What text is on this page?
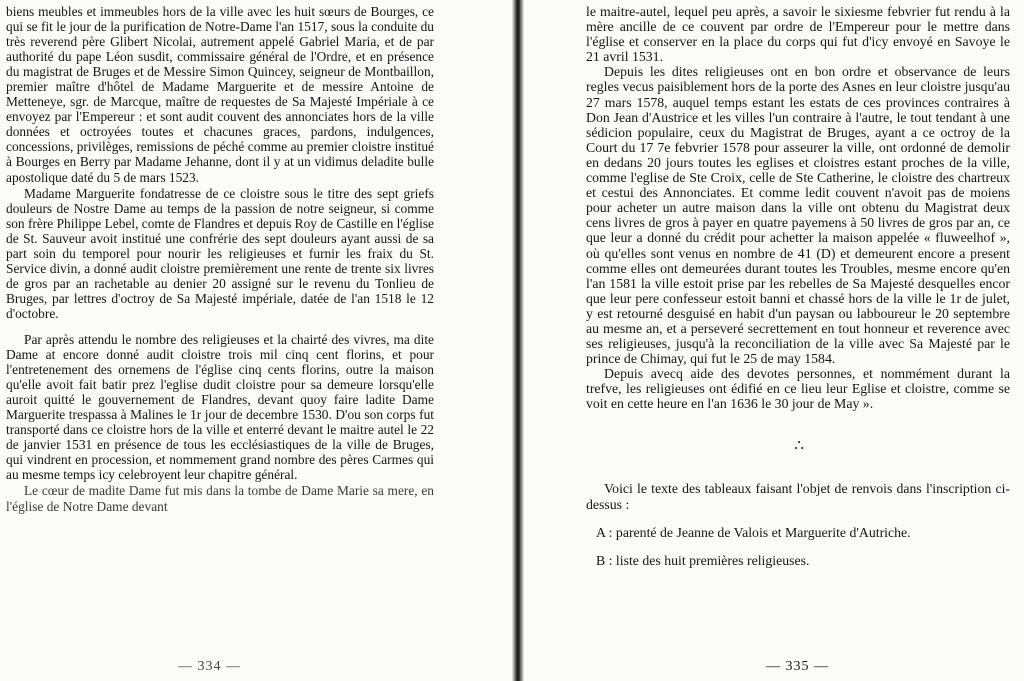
biens meubles et immeubles hors de la ville avec les huit sœurs de Bourges, ce qui se fit le jour de la purification de Notre-Dame l'an 1517, sous la conduite du très reverend père Glibert Nicolai, autrement appelé Gabriel Maria, et de par authorité du pape Léon susdit, commissaire général de l'Ordre, et en présence du magistrat de Bruges et de Messire Simon Quincey, seigneur de Montbaillon, premier maître d'hôtel de Madame Marguerite et de messire Antoine de Metteneye, sgr. de Marcque, maître de requestes de Sa Majesté Impériale à ce envoyez par l'Empereur : et sont audit couvent des annonciates hors de la ville données et octroyées toutes et chacunes graces, pardons, indulgences, concessions, privilèges, remissions de péché comme au premier cloistre institué à Bourges en Berry par Madame Jehanne, dont il y at un vidimus deladite bulle apostolique daté du 5 de mars 1523.

Madame Marguerite fondatresse de ce cloistre sous le titre des sept griefs douleurs de Nostre Dame au temps de la passion de notre seigneur, si comme son frère Philippe Lebel, comte de Flandres et depuis Roy de Castille en l'église de St. Sauveur avoit institué une confrérie des sept douleurs ayant aussi de sa part soin du temporel pour nourir les religieuses et furnir les fraix du St. Service divin, a donné audit cloistre premièrement une rente de trente six livres de gros par an rachetable au denier 20 assigné sur le revenu du Tonlieu de Bruges, par lettres d'octroy de Sa Majesté impériale, datée de l'an 1518 le 12 d'octobre.

Par après attendu le nombre des religieuses et la chairté des vivres, ma dite Dame at encore donné audit cloistre trois mil cinq cent florins, et pour l'entretenement des ornemens de l'église cinq cents florins, outre la maison qu'elle avoit fait batir prez l'eglise dudit cloistre pour sa demeure lorsqu'elle auroit quitté le gouvernement de Flandres, devant quoy faire ladite Dame Marguerite trespassa à Malines le 1r jour de decembre 1530. D'ou son corps fut transporté dans ce cloistre hors de la ville et enterré devant le maitre autel le 22 de janvier 1531 en présence de tous les ecclésiastiques de la ville de Bruges, qui vindrent en procession, et nommement grand nombre des pères Carmes qui au mesme temps icy celebroyent leur chapitre général.

Le cœur de madite Dame fut mis dans la tombe de Dame Marie sa mere, en l'église de Notre Dame devant

— 334 —

le maitre-autel, lequel peu après, a savoir le sixiesme febvrier fut rendu à la mère ancille de ce couvent par ordre de l'Empereur pour le mettre dans l'église et conserver en la place du corps qui fut d'icy envoyé en Savoye le 21 avril 1531.

Depuis les dites religieuses ont en bon ordre et observance de leurs regles vecus paisiblement hors de la porte des Asnes en leur cloistre jusqu'au 27 mars 1578, auquel temps estant les estats de ces provinces contraires à Don Jean d'Austrice et les villes l'un contraire à l'autre, le tout tendant à une sédicion populaire, ceux du Magistrat de Bruges, ayant a ce octroy de la Court du 17 7e febvrier 1578 pour asseurer la ville, ont ordonné de demolir en dedans 20 jours toutes les eglises et cloistres estant proches de la ville, comme l'eglise de Ste Croix, celle de Ste Catherine, le cloistre des chartreux et cestui des Annonciates. Et comme ledit couvent n'avoit pas de moiens pour acheter un autre maison dans la ville ont obtenu du Magistrat deux cens livres de gros à payer en quatre payemens à 50 livres de gros par an, ce que leur a donné du crédit pour achetter la maison appelée « fluweelhof », où qu'elles sont venus en nombre de 41 (D) et demeurent encore a present comme elles ont demeurées durant toutes les Troubles, mesme encore qu'en l'an 1581 la ville estoit prise par les rebelles de Sa Majesté desquelles encor que leur pere confesseur estoit banni et chassé hors de la ville le 1r de julet, y est retourné desguisé en habit d'un paysan ou labboureur le 20 septembre au mesme an, et a perseveré secrettement en tout honneur et reverence avec ses religieuses, jusqu'à la reconciliation de la ville avec Sa Majesté par le prince de Chimay, qui fut le 25 de may 1584.

Depuis avecq aide des devotes personnes, et nommément durant la trefve, les religieuses ont édifié en ce lieu leur Eglise et cloistre, comme se voit en cette heure en l'an 1636 le 30 jour de May ».

∴

Voici le texte des tableaux faisant l'objet de renvois dans l'inscription ci-dessus :

A : parenté de Jeanne de Valois et Marguerite d'Autriche.

B : liste des huit premières religieuses.

— 335 —
